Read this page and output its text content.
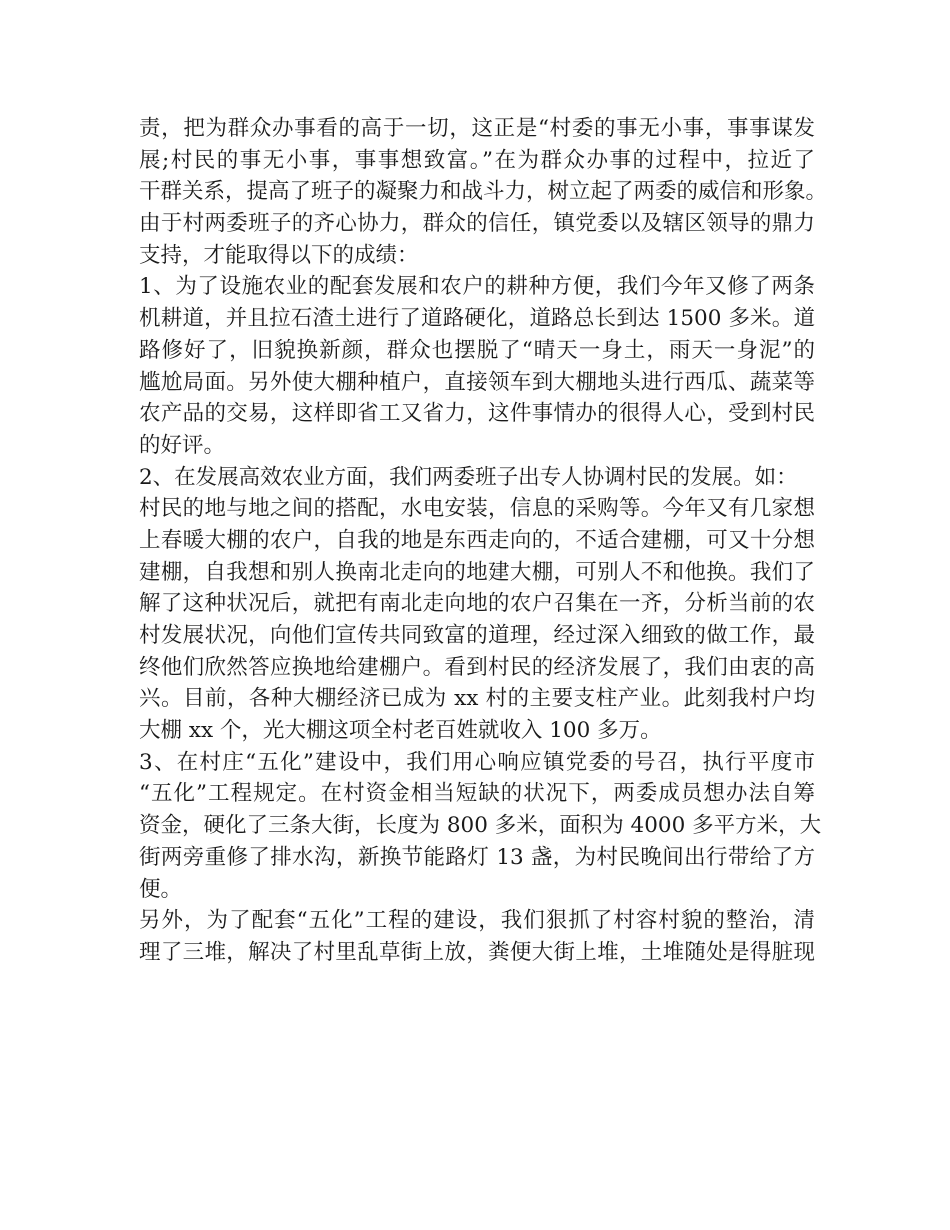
责，把为群众办事看的高于一切，这正是“村委的事无小事，事事谋发
展;村民的事无小事，事事想致富。”在为群众办事的过程中，拉近了
干群关系，提高了班子的凝聚力和战斗力，树立起了两委的威信和形象。
由于村两委班子的齐心协力，群众的信任，镇党委以及辖区领导的鼎力
支持，才能取得以下的成绩：
1、为了设施农业的配套发展和农户的耕种方便，我们今年又修了两条
机耕道，并且拉石渣土进行了道路硬化，道路总长到达 1500 多米。道
路修好了，旧貌换新颜，群众也摆脱了“晴天一身土，雨天一身泥”的
尴尬局面。另外使大棚种植户，直接领车到大棚地头进行西瓜、蔬菜等
农产品的交易，这样即省工又省力，这件事情办的很得人心，受到村民
的好评。
2、在发展高效农业方面，我们两委班子出专人协调村民的发展。如：
村民的地与地之间的搭配，水电安装，信息的采购等。今年又有几家想
上春暖大棚的农户，自我的地是东西走向的，不适合建棚，可又十分想
建棚，自我想和别人换南北走向的地建大棚，可别人不和他换。我们了
解了这种状况后，就把有南北走向地的农户召集在一齐，分析当前的农
村发展状况，向他们宣传共同致富的道理，经过深入细致的做工作，最
终他们欣然答应换地给建棚户。看到村民的经济发展了，我们由衷的高
兴。目前，各种大棚经济已成为 xx 村的主要支柱产业。此刻我村户均
大棚 xx 个，光大棚这项全村老百姓就收入 100 多万。
3、在村庄“五化”建设中，我们用心响应镇党委的号召，执行平度市
“五化”工程规定。在村资金相当短缺的状况下，两委成员想办法自筹
资金，硬化了三条大街，长度为 800 多米，面积为 4000 多平方米，大
街两旁重修了排水沟，新换节能路灯 13 盏，为村民晚间出行带给了方
便。
另外，为了配套“五化”工程的建设，我们狠抓了村容村貌的整治，清
理了三堆，解决了村里乱草街上放，粪便大街上堆，土堆随处是得脏现
